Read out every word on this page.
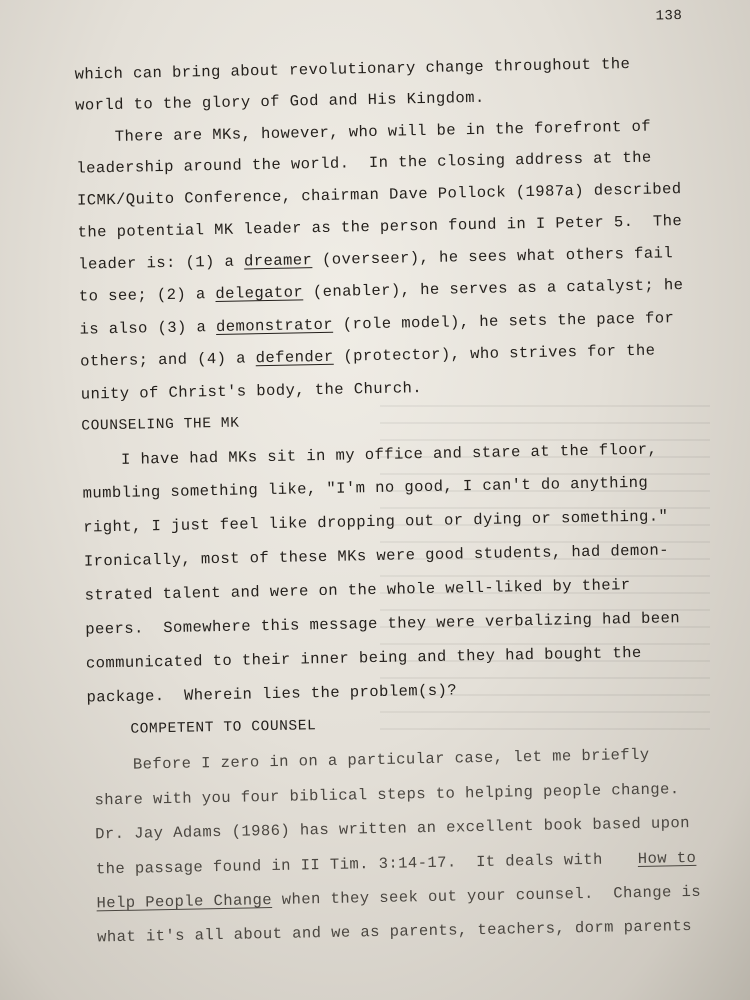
138
which can bring about revolutionary change throughout the
world to the glory of God and His Kingdom.
There are MKs, however, who will be in the forefront of
leadership around the world.  In the closing address at the
ICMK/Quito Conference, chairman Dave Pollock (1987a) described
the potential MK leader as the person found in I Peter 5.  The
leader is: (1) a dreamer (overseer), he sees what others fail
to see; (2) a delegator (enabler), he serves as a catalyst; he
is also (3) a demonstrator (role model), he sets the pace for
others; and (4) a defender (protector), who strives for the
unity of Christ's body, the Church.
COUNSELING THE MK
I have had MKs sit in my office and stare at the floor,
mumbling something like, "I'm no good, I can't do anything
right, I just feel like dropping out or dying or something."
Ironically, most of these MKs were good students, had demon-
strated talent and were on the whole well-liked by their
peers.  Somewhere this message they were verbalizing had been
communicated to their inner being and they had bought the
package.  Wherein lies the problem(s)?
COMPETENT TO COUNSEL
Before I zero in on a particular case, let me briefly
share with you four biblical steps to helping people change.
Dr. Jay Adams (1986) has written an excellent book based upon
the passage found in II Tim. 3:14-17.  It deals with
Help People Change when they seek out your counsel.  Change is
what it's all about and we as parents, teachers, dorm parents
How to
